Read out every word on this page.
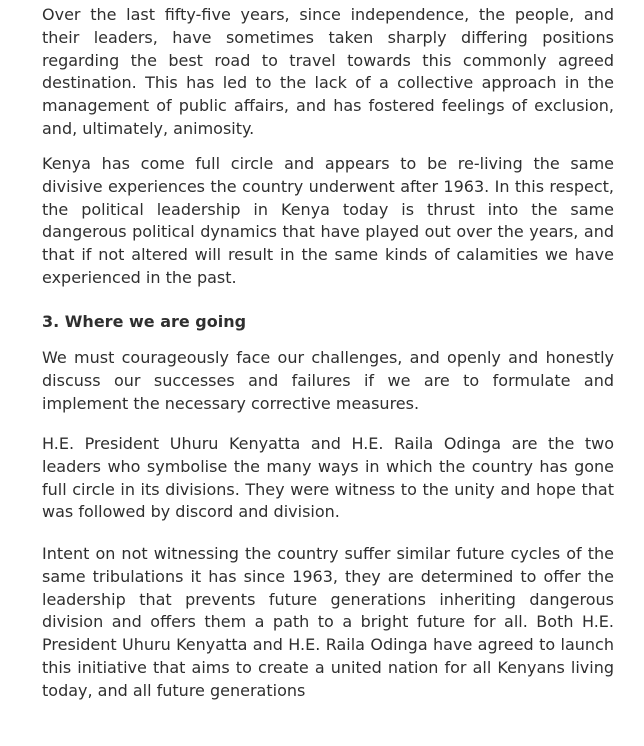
Over the last fifty-five years, since independence, the people, and their leaders, have sometimes taken sharply differing positions regarding the best road to travel towards this commonly agreed destination. This has led to the lack of a collective approach in the management of public affairs, and has fostered feelings of exclusion, and, ultimately, animosity.

Kenya has come full circle and appears to be re-living the same divisive experiences the country underwent after 1963. In this respect, the political leadership in Kenya today is thrust into the same dangerous political dynamics that have played out over the years, and that if not altered will result in the same kinds of calamities we have experienced in the past.

3. Where we are going

We must courageously face our challenges, and openly and honestly discuss our successes and failures if we are to formulate and implement the necessary corrective measures.

H.E. President Uhuru Kenyatta and H.E. Raila Odinga are the two leaders who symbolise the many ways in which the country has gone full circle in its divisions. They were witness to the unity and hope that was followed by discord and division.

Intent on not witnessing the country suffer similar future cycles of the same tribulations it has since 1963, they are determined to offer the leadership that prevents future generations inheriting dangerous division and offers them a path to a bright future for all. Both H.E. President Uhuru Kenyatta and H.E. Raila Odinga have agreed to launch this initiative that aims to create a united nation for all Kenyans living today, and all future generations
